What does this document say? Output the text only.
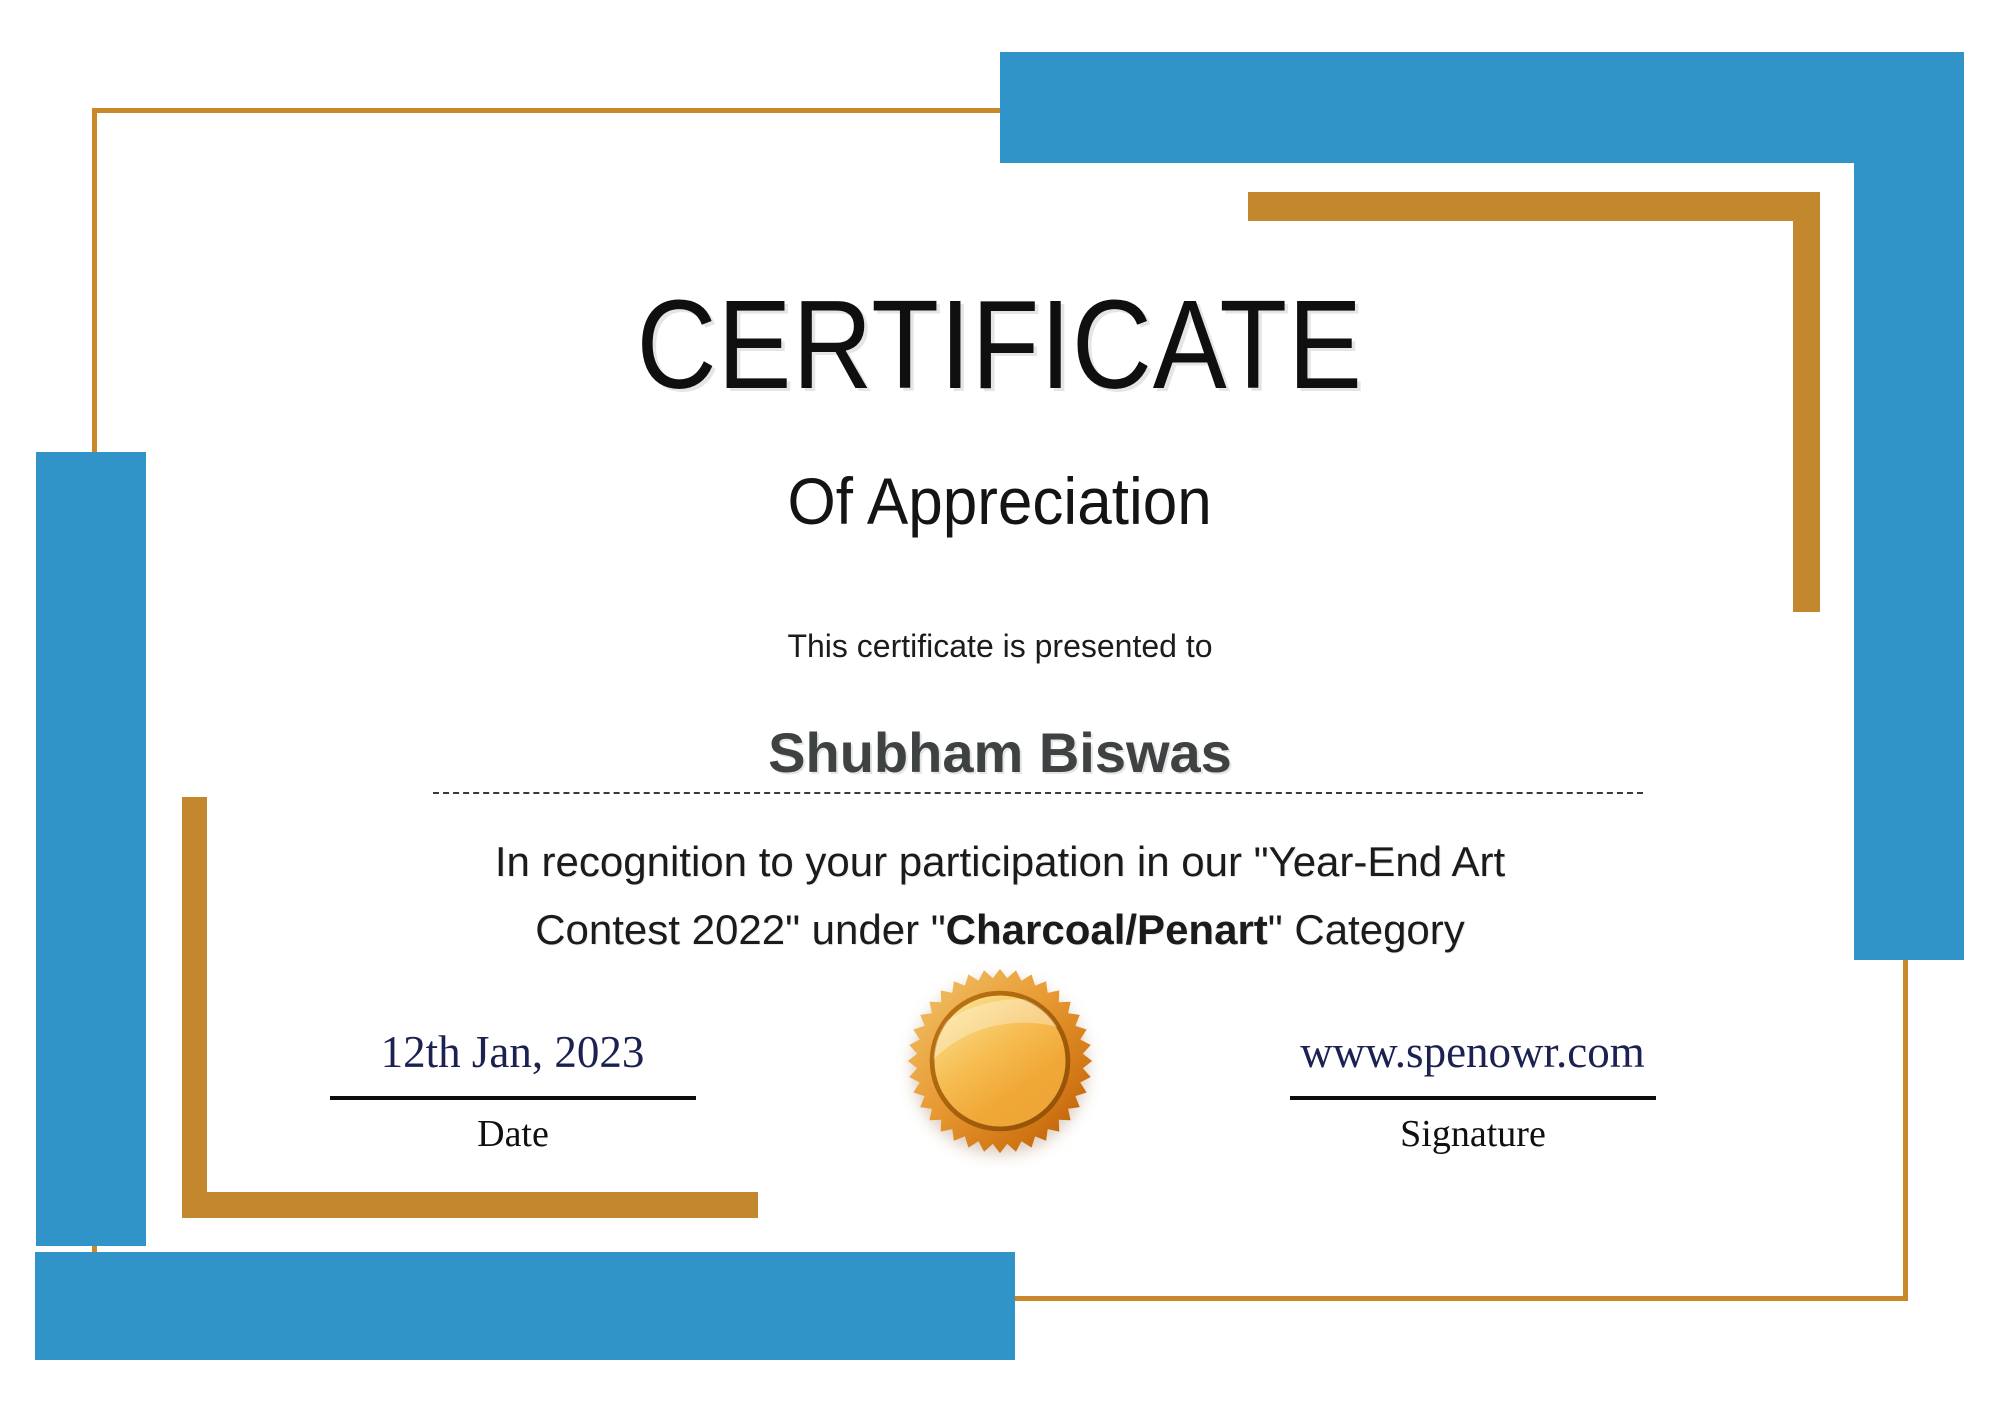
CERTIFICATE
Of Appreciation
This certificate is presented to
Shubham Biswas
In recognition to your participation in our "Year-End Art
Contest 2022" under "Charcoal/Penart" Category
12th Jan, 2023
Date
www.spenowr.com
Signature
